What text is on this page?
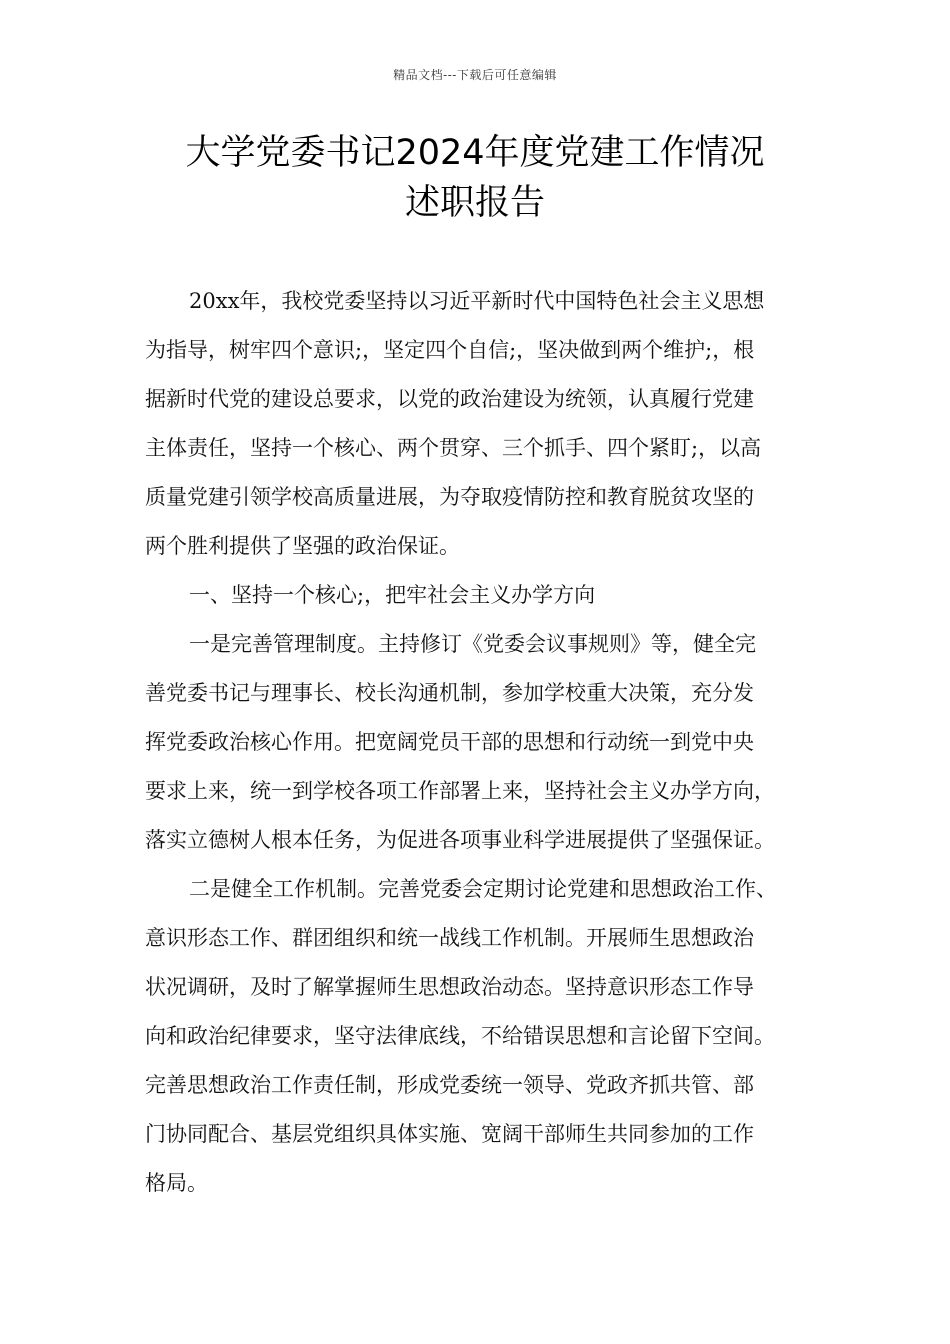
精品文档---下载后可任意编辑
大学党委书记2024年度党建工作情况
述职报告
20xx年，我校党委坚持以习近平新时代中国特色社会主义思想
为指导，树牢四个意识;，坚定四个自信;，坚决做到两个维护;，根
据新时代党的建设总要求，以党的政治建设为统领，认真履行党建
主体责任，坚持一个核心、两个贯穿、三个抓手、四个紧盯;，以高
质量党建引领学校高质量进展，为夺取疫情防控和教育脱贫攻坚的
两个胜利提供了坚强的政治保证。
一、坚持一个核心;，把牢社会主义办学方向
一是完善管理制度。主持修订《党委会议事规则》等，健全完
善党委书记与理事长、校长沟通机制，参加学校重大决策，充分发
挥党委政治核心作用。把宽阔党员干部的思想和行动统一到党中央
要求上来，统一到学校各项工作部署上来，坚持社会主义办学方向，
落实立德树人根本任务，为促进各项事业科学进展提供了坚强保证。
二是健全工作机制。完善党委会定期讨论党建和思想政治工作、
意识形态工作、群团组织和统一战线工作机制。开展师生思想政治
状况调研，及时了解掌握师生思想政治动态。坚持意识形态工作导
向和政治纪律要求，坚守法律底线，不给错误思想和言论留下空间。
完善思想政治工作责任制，形成党委统一领导、党政齐抓共管、部
门协同配合、基层党组织具体实施、宽阔干部师生共同参加的工作
格局。
